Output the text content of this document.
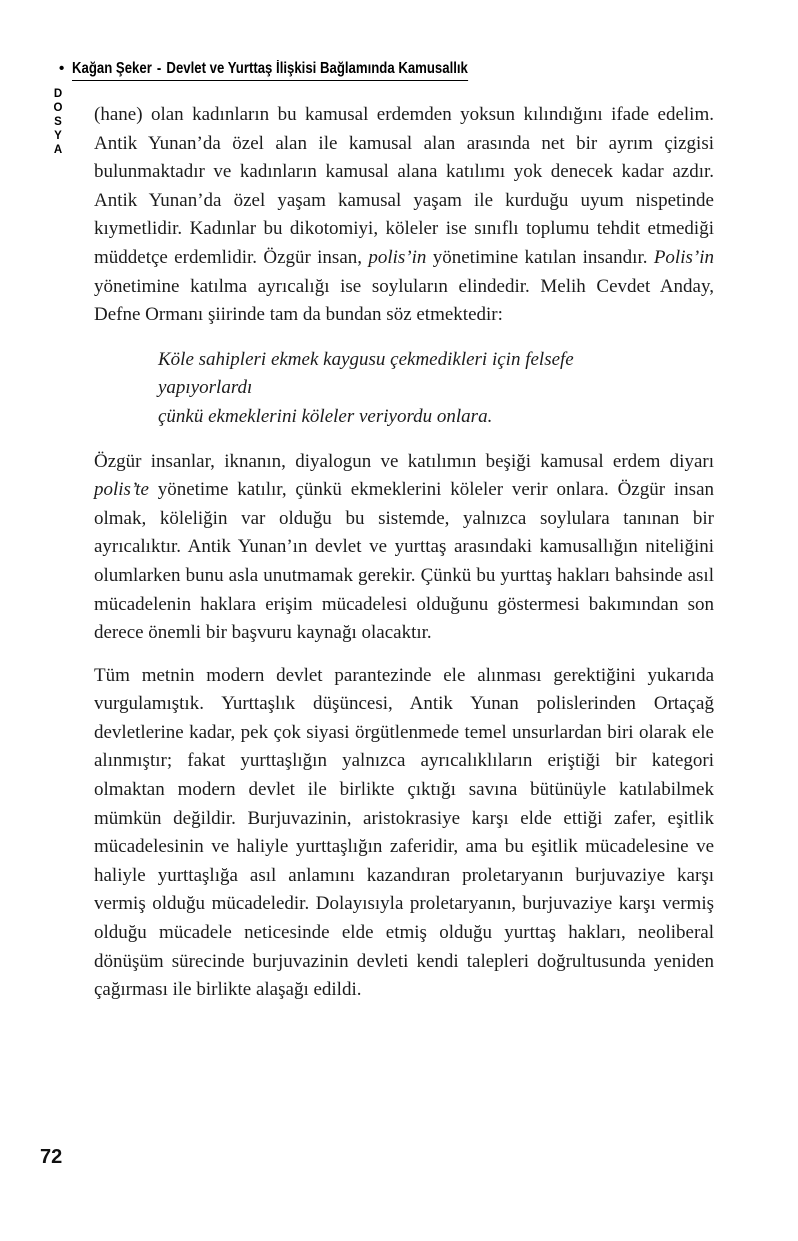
• Kağan Şeker - Devlet ve Yurttaş İlişkisi Bağlamında Kamusallık
DOSYA (hane) olan kadınların bu kamusal erdemden yoksun kılındığını ifade edelim. Antik Yunan’da özel alan ile kamusal alan arasında net bir ayrım çizgisi bulunmaktadır ve kadınların kamusal alana katılımı yok denecek kadar azdır. Antik Yunan’da özel yaşam kamusal yaşam ile kurduğu uyum nispetinde kıymetlidir. Kadınlar bu dikotomiyi, köleler ise sınıflı toplumu tehdit etmediği müddetçe erdemlidir. Özgür insan, polis’in yönetimine katılan insandır. Polis’in yönetimine katılma ayrıcalığı ise soyluların elindedir. Melih Cevdet Anday, Defne Ormanı şiirinde tam da bundan söz etmektedir:

Köle sahipleri ekmek kaygusu çekmedikleri için felsefe
yapıyorlardı
çünkü ekmeklerini köleler veriyordu onlara.

Özgür insanlar, iknanın, diyalogun ve katılımın beşiği kamusal erdem diyarı polis’te yönetime katılır, çünkü ekmeklerini köleler verir onlara. Özgür insan olmak, köleliğin var olduğu bu sistemde, yalnızca soylulara tanınan bir ayrıcalıktır. Antik Yunan’ın devlet ve yurttaş arasındaki kamusallığın niteliğini olumlarken bunu asla unutmamak gerekir. Çünkü bu yurttaş hakları bahsinde asıl mücadelenin haklara erişim mücadelesi olduğunu göstermesi bakımından son derece önemli bir başvuru kaynağı olacaktır.

Tüm metnin modern devlet parantezinde ele alınması gerektiğini yukarıda vurgulamıştık. Yurttaşlık düşüncesi, Antik Yunan polislerinden Ortaçağ devletlerine kadar, pek çok siyasi örgütlenmede temel unsurlardan biri olarak ele alınmıştır; fakat yurttaşlığın yalnızca ayrıcalıklıların eriştiği bir kategori olmaktan modern devlet ile birlikte çıktığı savına bütünüyle katılabilmek mümkün değildir. Burjuvazinin, aristokrasiye karşı elde ettiği zafer, eşitlik mücadelesinin ve haliyle yurttaşlığın zaferidir, ama bu eşitlik mücadelesine ve haliyle yurttaşlığa asıl anlamını kazandıran proletaryanın burjuvaziye karşı vermiş olduğu mücadeledir. Dolayısıyla proletaryanın, burjuvaziye karşı vermiş olduğu mücadele neticesinde elde etmiş olduğu yurttaş hakları, neoliberal dönüşüm sürecinde burjuvazinin devleti kendi talepleri doğrultusunda yeniden çağırması ile birlikte alaşağı edildi.

72
